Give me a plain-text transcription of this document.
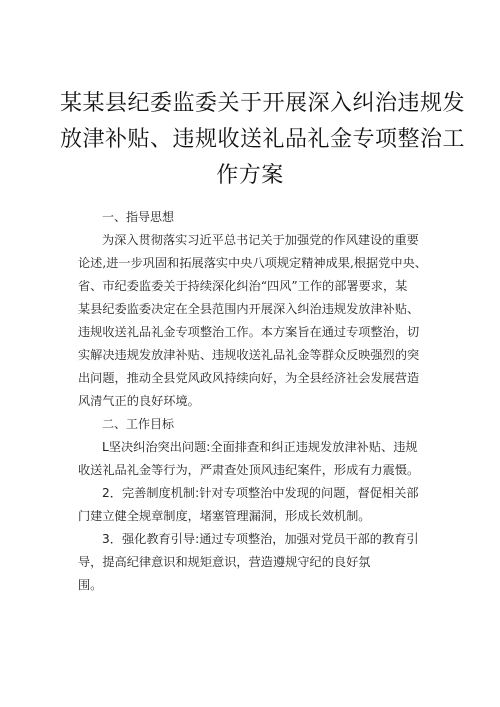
某某县纪委监委关于开展深入纠治违规发
放津补贴、违规收送礼品礼金专项整治工
作方案
一、指导思想

为深入贯彻落实习近平总书记关于加强党的作风建设的重要

论述,进一步巩固和拓展落实中央八项规定精神成果,根据党中央、

省、市纪委监委关于持续深化纠治“四风”工作的部署要求，某

某县纪委监委决定在全县范围内开展深入纠治违规发放津补贴、

违规收送礼品礼金专项整治工作。本方案旨在通过专项整治，切

实解决违规发放津补贴、违规收送礼品礼金等群众反映强烈的突

出问题，推动全县党风政风持续向好，为全县经济社会发展营造

风清气正的良好环境。

二、工作目标

L坚决纠治突出问题:全面排查和纠正违规发放津补贴、违规

收送礼品礼金等行为，严肃查处顶风违纪案件，形成有力震慑。

2．完善制度机制:针对专项整治中发现的问题，督促相关部

门建立健全规章制度，堵塞管理漏洞，形成长效机制。

3．强化教育引导:通过专项整治，加强对党员干部的教育引

导，提高纪律意识和规矩意识，营造遵规守纪的良好氛

围。
